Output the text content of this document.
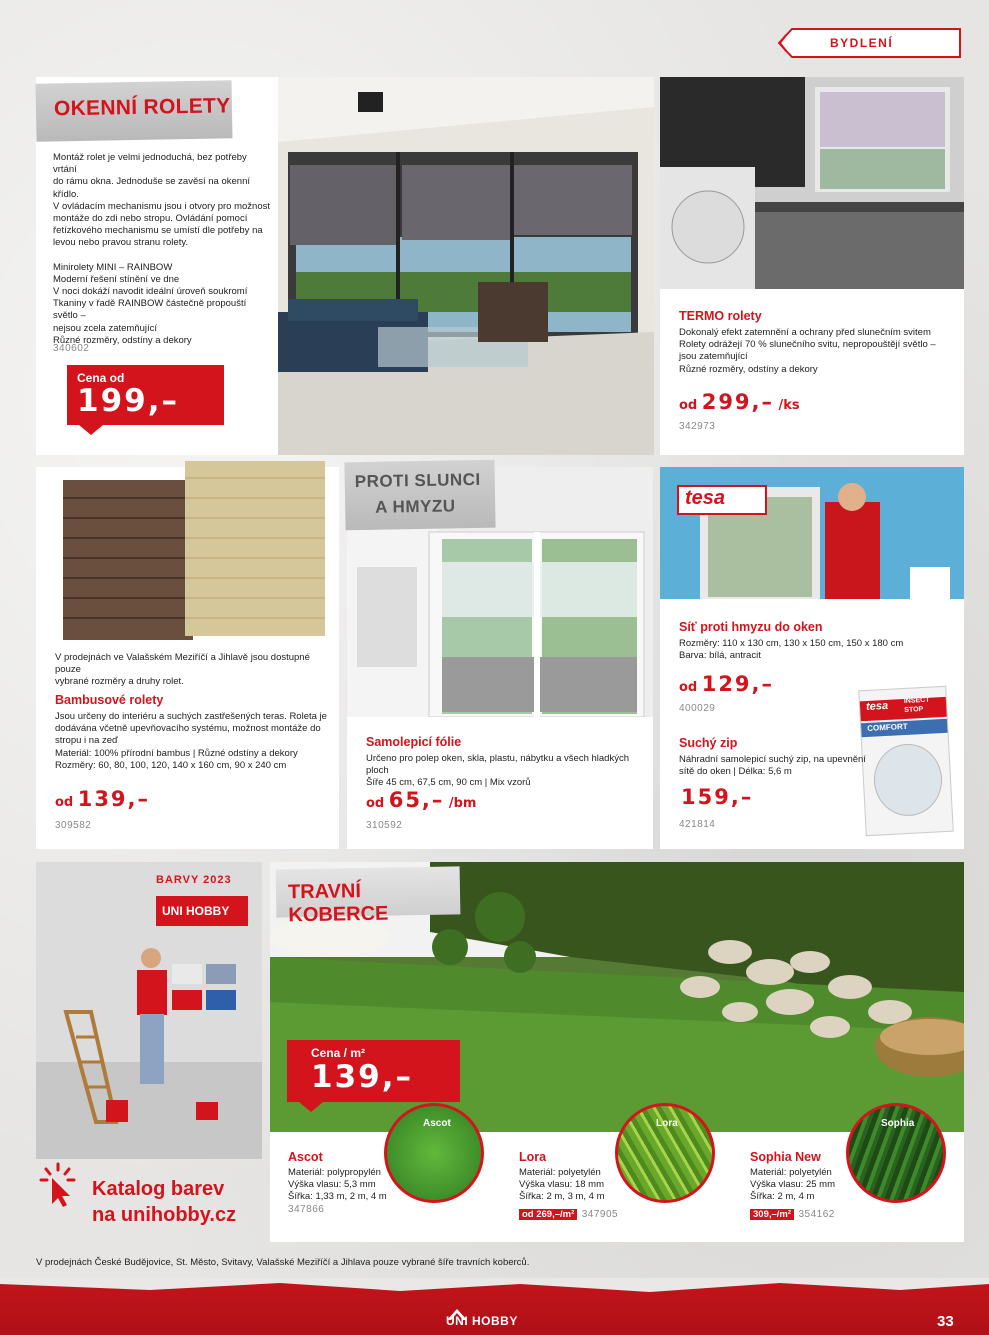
BYDLENÍ
OKENNÍ ROLETY
Montáž rolet je velmi jednoduchá, bez potřeby vrtání
do rámu okna. Jednoduše se zavěsí na okenní křídlo.
V ovládacím mechanismu jsou i otvory pro možnost
montáže do zdi nebo stropu. Ovládání pomocí
řetízkového mechanismu se umístí dle potřeby na
levou nebo pravou stranu rolety.
Minirolety MINI – RAINBOW
Moderní řešení stínění ve dne
V noci dokáží navodit ideální úroveň soukromí
Tkaniny v řadě RAINBOW částečně propouští světlo –
nejsou zcela zatemňující
Různé rozměry, odstíny a dekory
340602
Cena od
199,–
TERMO rolety
Dokonalý efekt zatemnění a ochrany před slunečním svitem
Rolety odrážejí 70 % slunečního svitu, nepropouštějí světlo –
jsou zatemňující
Různé rozměry, odstíny a dekory
od 299,– /ks
342973
V prodejnách ve Valašském Meziříčí a Jihlavě jsou dostupné pouze
vybrané rozměry a druhy rolet.
Bambusové rolety
Jsou určeny do interiéru a suchých zastřešených teras. Roleta je
dodávána včetně upevňovacího systému, možnost montáže do
stropu i na zeď
Materiál: 100% přírodní bambus | Různé odstíny a dekory
Rozměry: 60, 80, 100, 120, 140 x 160 cm, 90 x 240 cm
od 139,–
309582
PROTI SLUNCI
A HMYZU
Samolepicí fólie
Určeno pro polep oken, skla, plastu, nábytku a všech hladkých ploch
Šíře 45 cm, 67,5 cm, 90 cm | Mix vzorů
od 65,– /bm
310592
tesa
Síť proti hmyzu do oken
Rozměry: 110 x 130 cm, 130 x 150 cm, 150 x 180 cm
Barva: bílá, antracit
od 129,–
400029	tesa INSECT
STOP
COMFORT
Suchý zip
Náhradní samolepicí suchý zip, na upevnění
sítě do oken | Délka: 5,6 m
159,–
421814
BARVY 2023
UNI HOBBY
Katalog barev
na unihobby.cz
TRAVNÍ KOBERCE
Cena / m²
139,–
Ascot	Lora	Sophia
Ascot
Materiál: polypropylén
Výška vlasu: 5,3 mm
Šířka: 1,33 m, 2 m, 4 m
347866
Lora
Materiál: polyetylén
Výška vlasu: 18 mm
Šířka: 2 m, 3 m, 4 m
od 269,–/m² 347905
Sophia New
Materiál: polyetylén
Výška vlasu: 25 mm
Šířka: 2 m, 4 m
309,–/m² 354162
V prodejnách České Budějovice, St. Město, Svitavy, Valašské Meziříčí a Jihlava pouze vybrané šíře travních koberců.
UNI HOBBY	33
